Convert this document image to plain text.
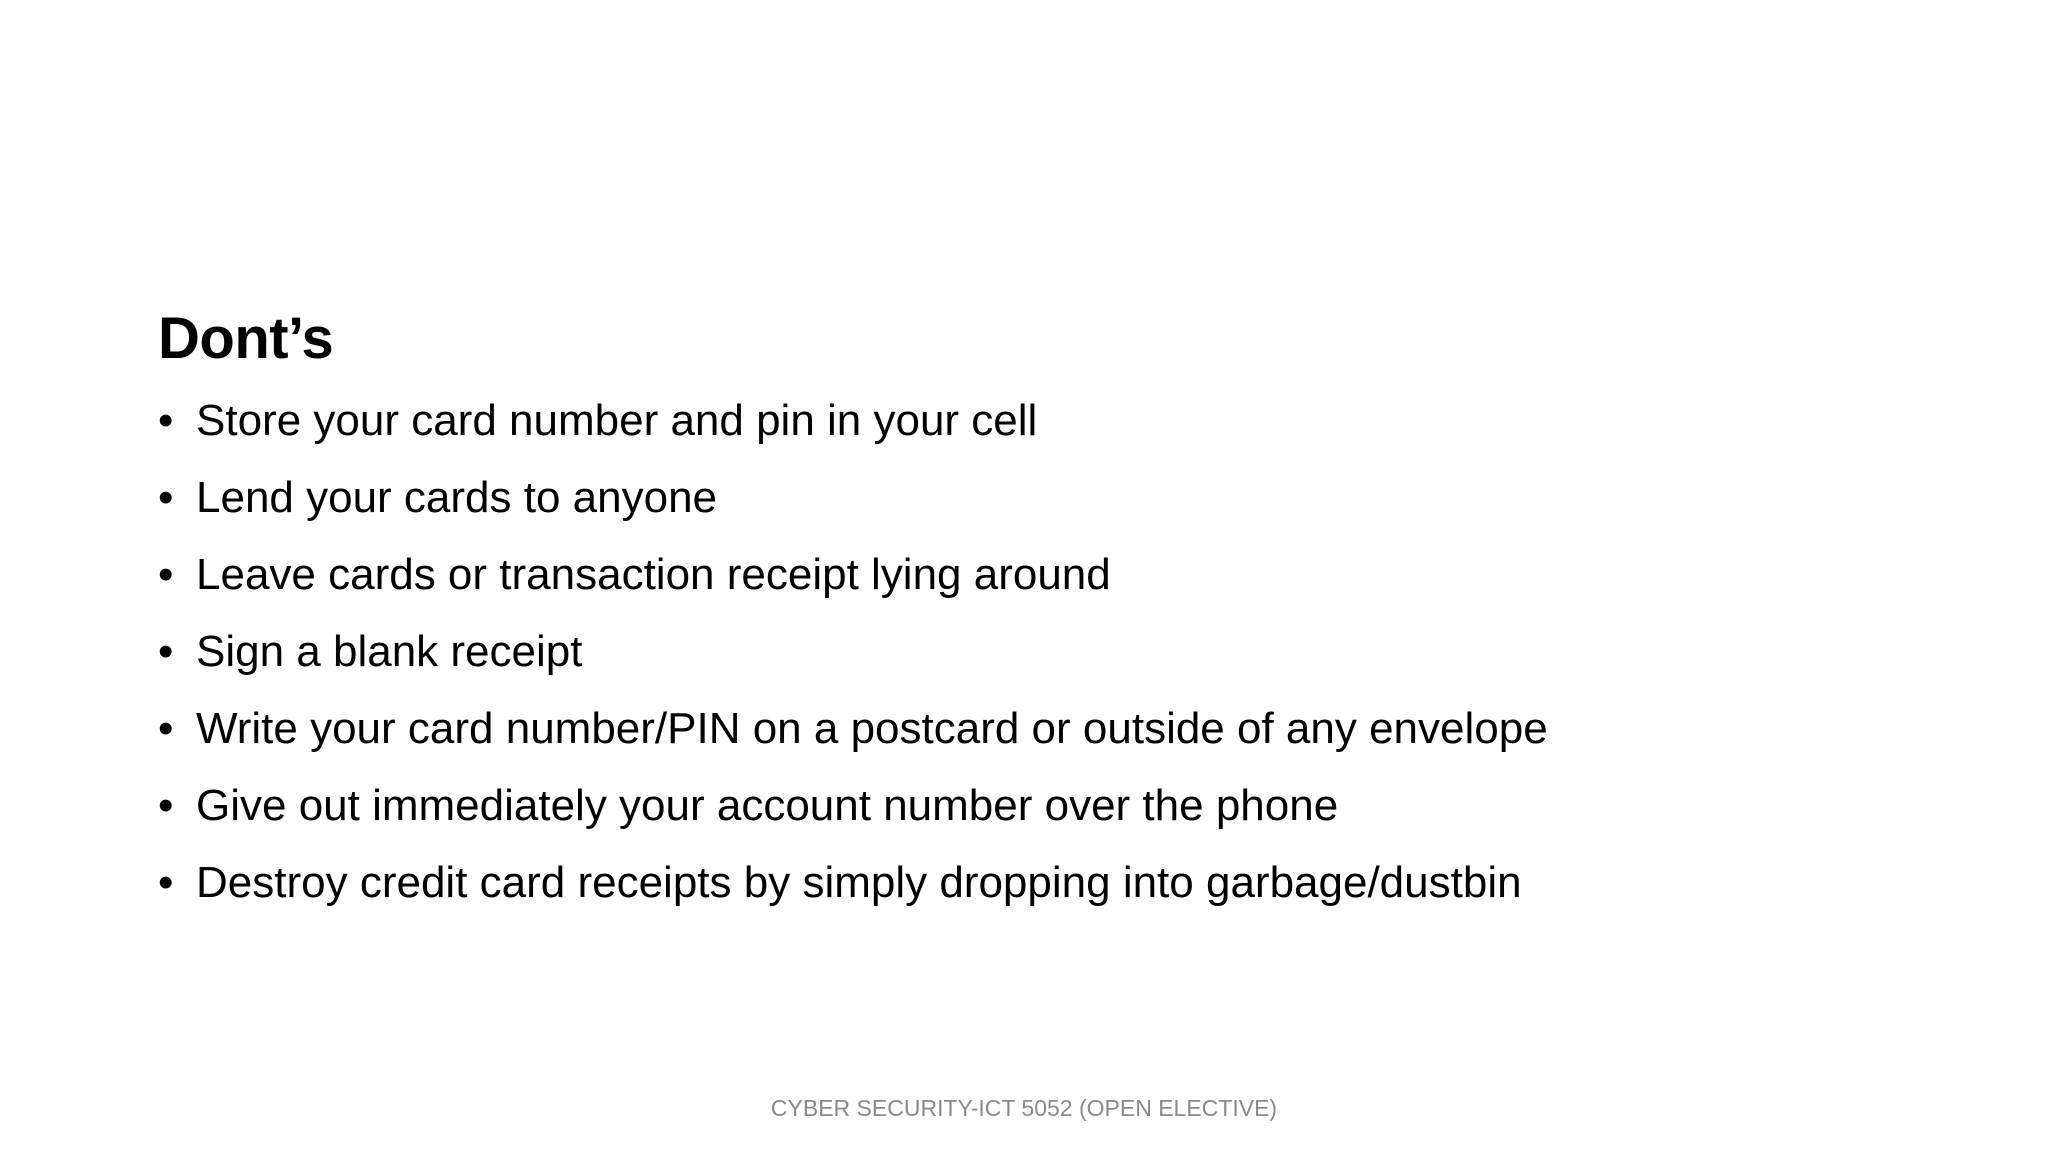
Dont’s
• Store your card number and pin in your cell
• Lend your cards to anyone
• Leave cards or transaction receipt lying around
• Sign a blank receipt
• Write your card number/PIN on a postcard or outside of any envelope
• Give out immediately your account number over the phone
• Destroy credit card receipts by simply dropping into garbage/dustbin
CYBER SECURITY-ICT 5052 (OPEN ELECTIVE)
